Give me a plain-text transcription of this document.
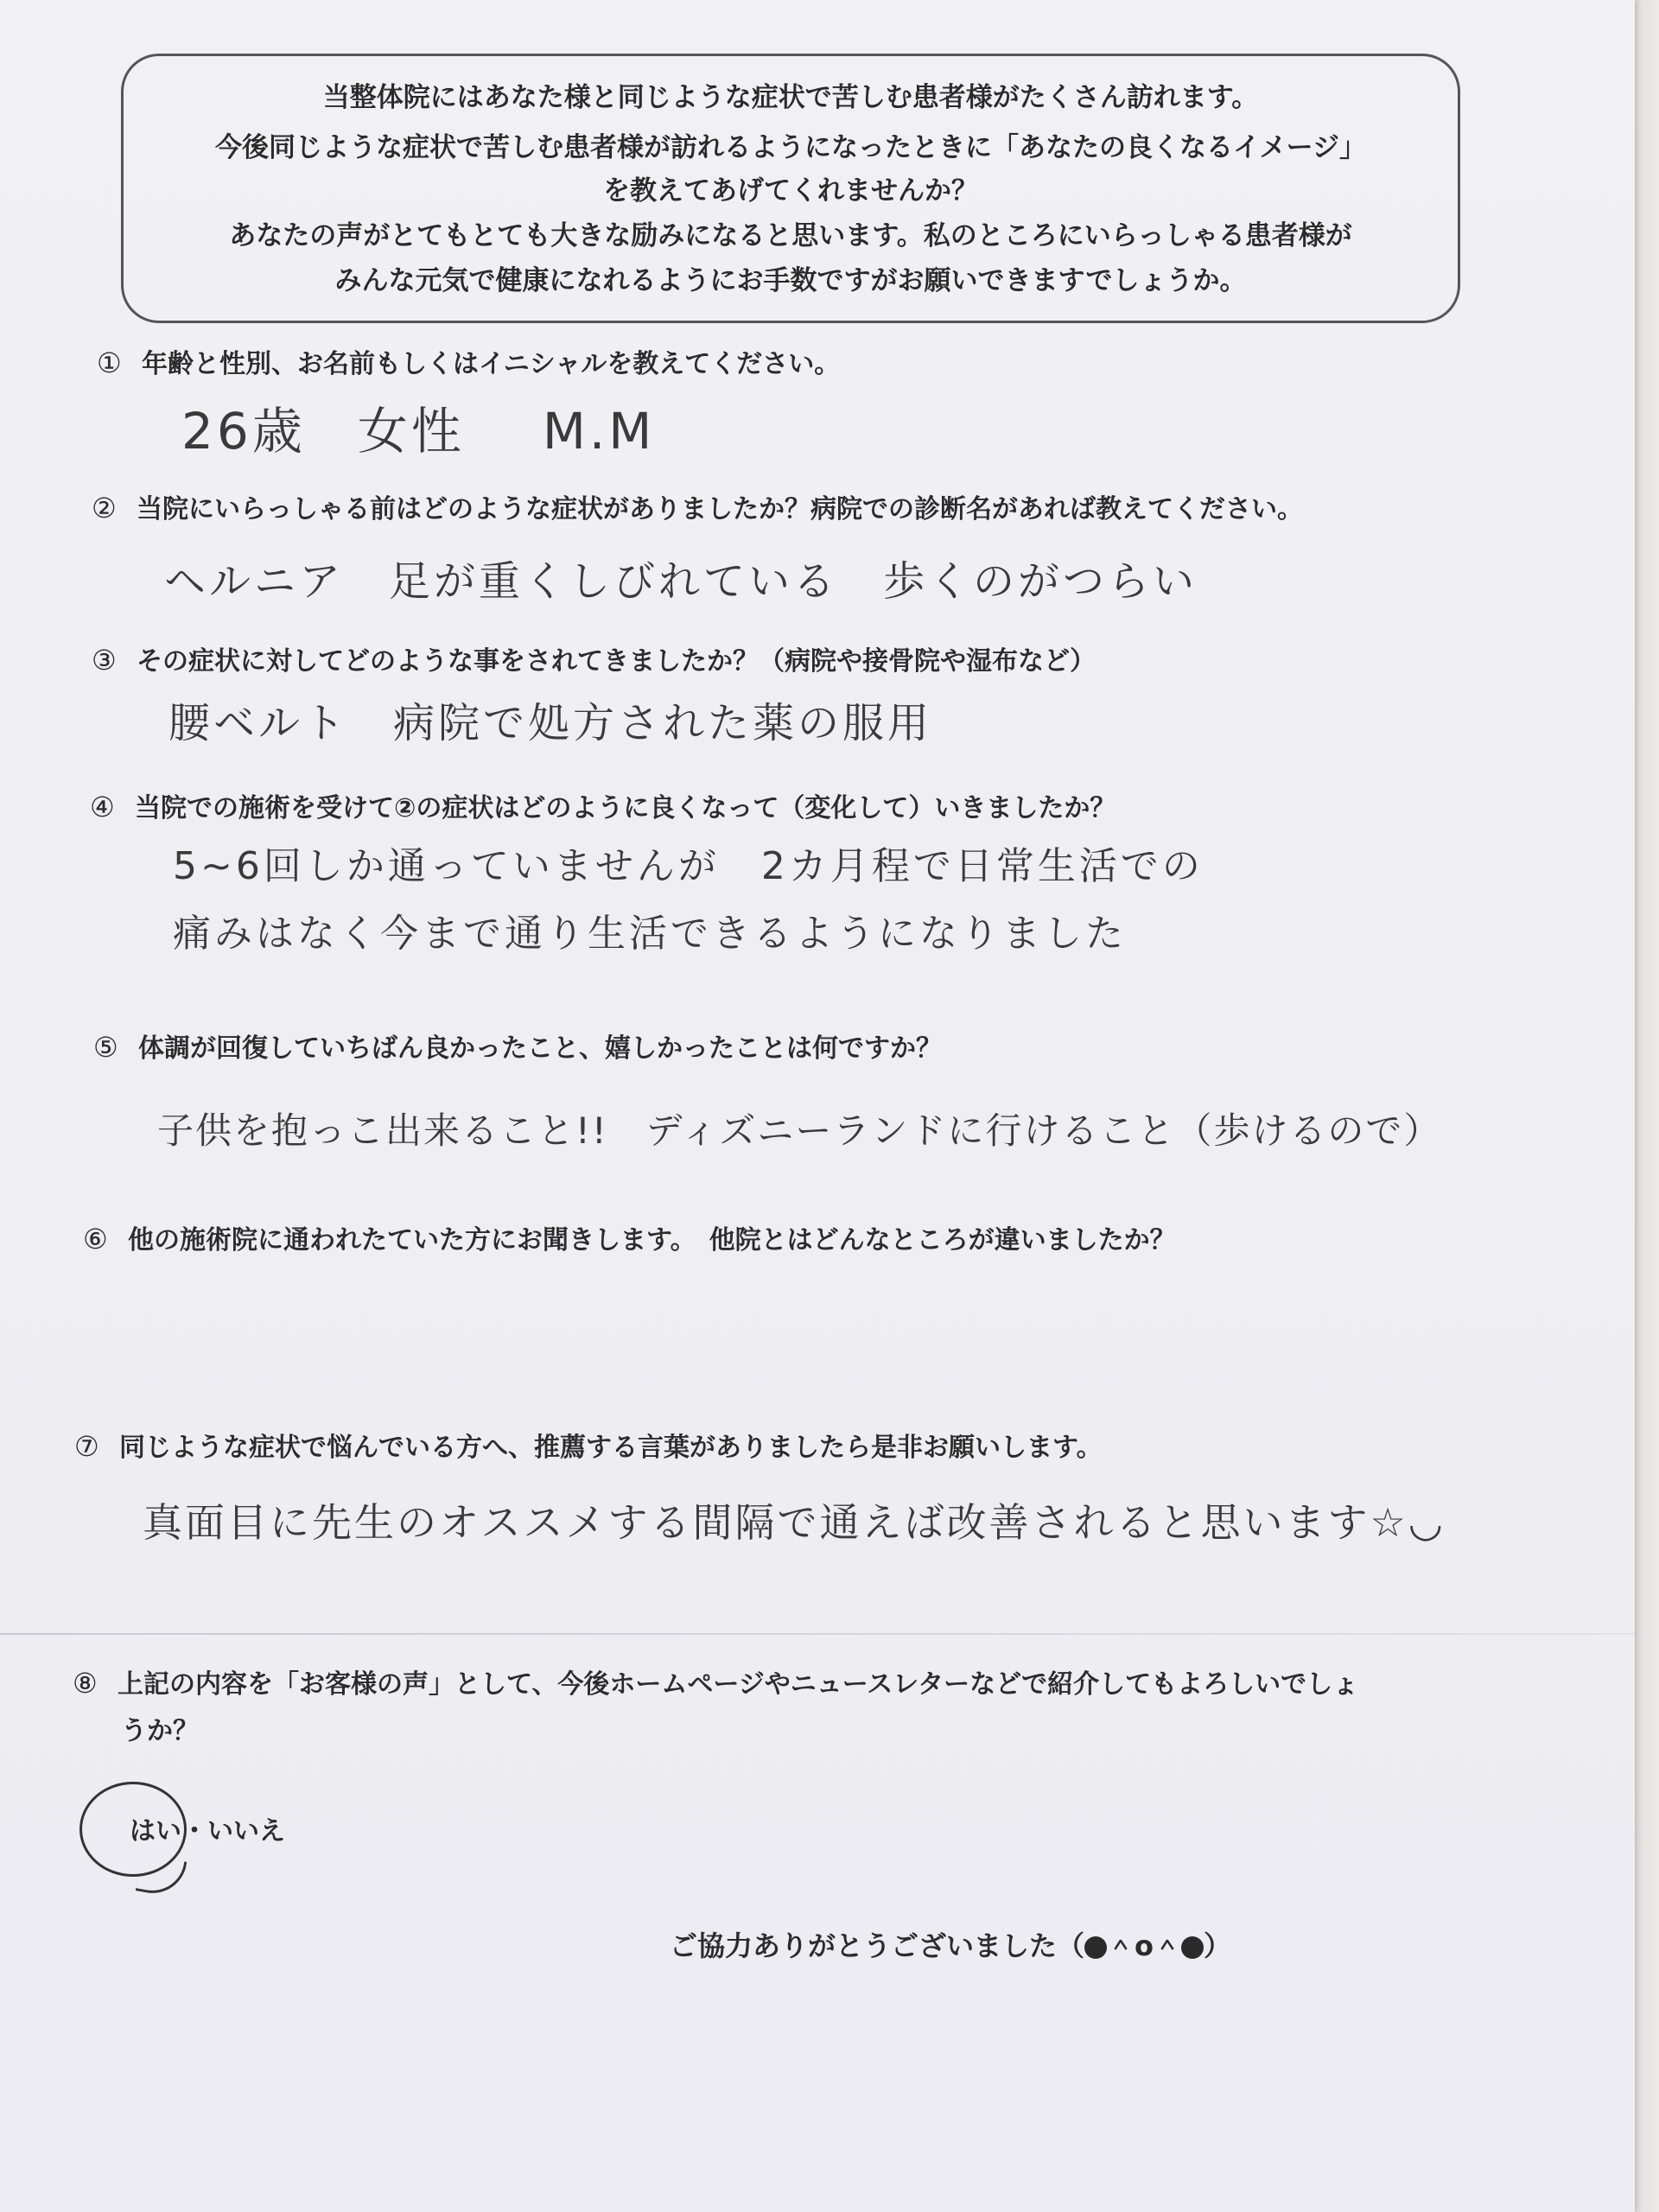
当整体院にはあなた様と同じような症状で苦しむ患者様がたくさん訪れます。
今後同じような症状で苦しむ患者様が訪れるようになったときに「あなたの良くなるイメージ」
を教えてあげてくれませんか？
あなたの声がとてもとても大きな励みになると思います。私のところにいらっしゃる患者様が
みんな元気で健康になれるようにお手数ですがお願いできますでしょうか。
① 年齢と性別、お名前もしくはイニシャルを教えてください。
26歳 女性 M.M
② 当院にいらっしゃる前はどのような症状がありましたか？病院での診断名があれば教えてください。
ヘルニア　足が重くしびれている　歩くのがつらい
③ その症状に対してどのような事をされてきましたか？（病院や接骨院や湿布など）
腰ベルト　病院で処方された薬の服用
④ 当院での施術を受けて②の症状はどのように良くなって（変化して）いきましたか？
5~6回しか通っていませんが　2カ月程で日常生活での
痛みはなく今まで通り生活できるようになりました
⑤ 体調が回復していちばん良かったこと、嬉しかったことは何ですか？
子供を抱っこ出来ること!!　ディズニーランドに行けること（歩けるので）
⑥ 他の施術院に通われたていた方にお聞きします。　他院とはどんなところが違いましたか？
⑦ 同じような症状で悩んでいる方へ、推薦する言葉がありましたら是非お願いします。
真面目に先生のオススメする間隔で通えば改善されると思います☆◡
⑧ 上記の内容を「お客様の声」として、今後ホームページやニュースレターなどで紹介してもよろしいでしょ
うか？
はい・いいえ
ご協力ありがとうございました（ ＾o＾ ）
